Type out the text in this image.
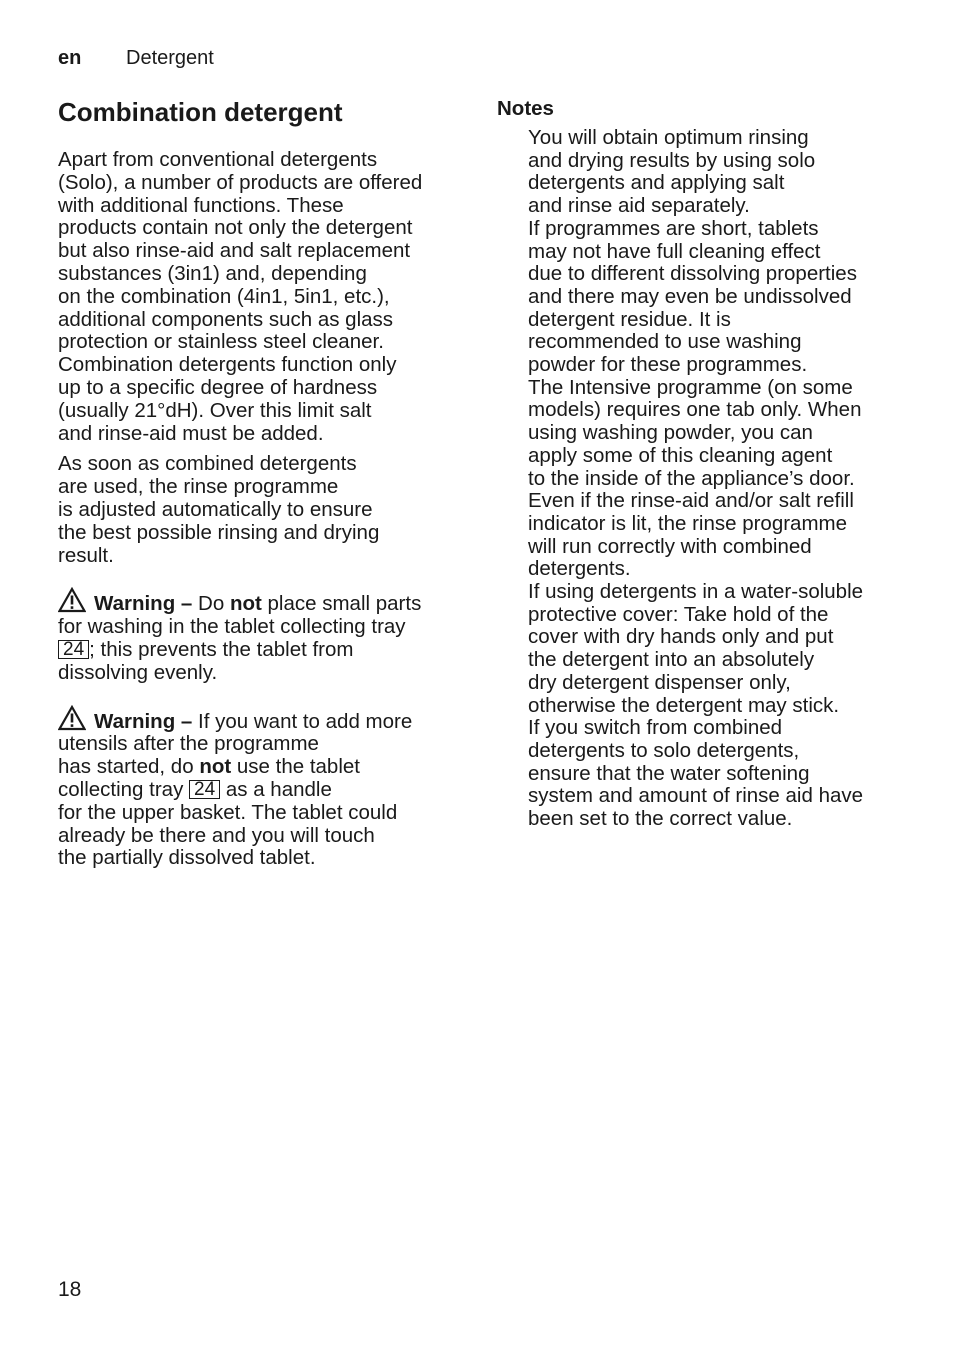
en Detergent
Combination detergent

Apart from conventional detergents
(Solo), a number of products are offered
with additional functions. These
products contain not only the detergent
but also rinse-aid and salt replacement
substances (3in1) and, depending
on the combination (4in1, 5in1, etc.),
additional components such as glass
protection or stainless steel cleaner.
Combination detergents function only
up to a specific degree of hardness
(usually 21°dH). Over this limit salt
and rinse-aid must be added.

As soon as combined detergents
are used, the rinse programme
is adjusted automatically to ensure
the best possible rinsing and drying
result.

Warning – Do not place small parts
for washing in the tablet collecting tray
24 ; this prevents the tablet from
dissolving evenly.

Warning – If you want to add more
utensils after the programme
has started, do not use the tablet
collecting tray 24 as a handle
for the upper basket. The tablet could
already be there and you will touch
the partially dissolved tablet.

Notes
You will obtain optimum rinsing
and drying results by using solo
detergents and applying salt
and rinse aid separately.
If programmes are short, tablets
may not have full cleaning effect
due to different dissolving properties
and there may even be undissolved
detergent residue. It is
recommended to use washing
powder for these programmes.
The Intensive programme (on some
models) requires one tab only. When
using washing powder, you can
apply some of this cleaning agent
to the inside of the appliance’s door.
Even if the rinse-aid and/or salt refill
indicator is lit, the rinse programme
will run correctly with combined
detergents.
If using detergents in a water-soluble
protective cover: Take hold of the
cover with dry hands only and put
the detergent into an absolutely
dry detergent dispenser only,
otherwise the detergent may stick.
If you switch from combined
detergents to solo detergents,
ensure that the water softening
system and amount of rinse aid have
been set to the correct value.
18
